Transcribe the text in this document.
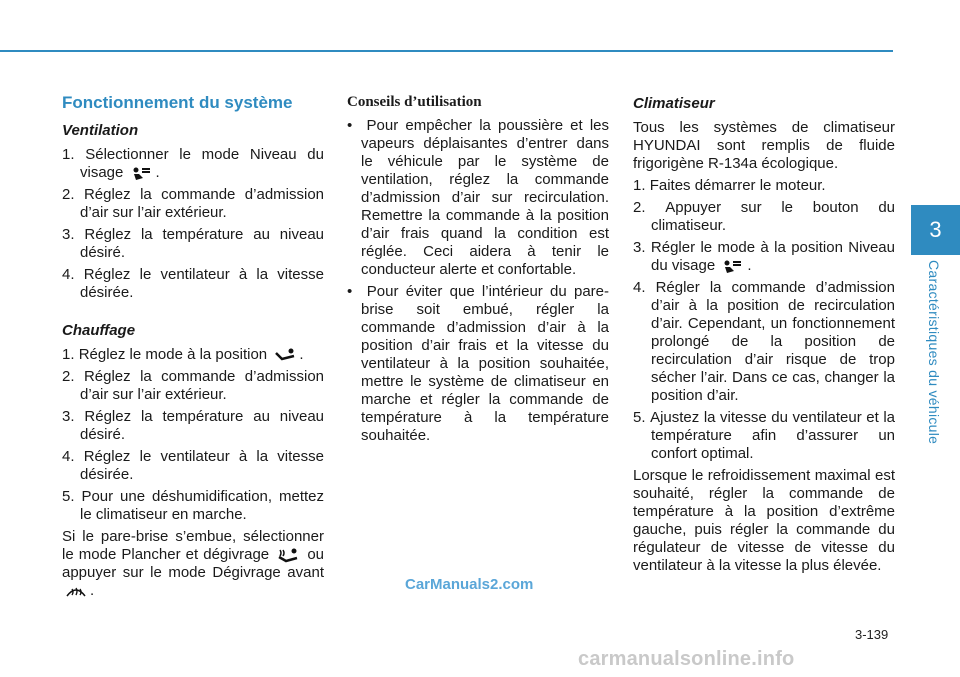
3
Caractéristiques du véhicule
Fonctionnement du système
Ventilation
1. Sélectionner le mode Niveau du visage .
2. Réglez la commande d’admission d’air sur l’air extérieur.
3. Réglez la température au niveau désiré.
4. Réglez le ventilateur à la vitesse désirée.
Chauffage
1. Réglez le mode à la position .
2. Réglez la commande d’admission d’air sur l’air extérieur.
3. Réglez la température au niveau désiré.
4. Réglez le ventilateur à la vitesse désirée.
5. Pour une déshumidification, mettez le climatiseur en marche.

Si le pare-brise s’embue, sélectionner le mode Plancher et dégivrage	ou appuyer sur le mode Dégivrage avant .

Conseils d’utilisation
•  Pour empêcher la poussière et les vapeurs déplaisantes d’entrer dans le véhicule par le système de ventilation, réglez la commande d’admission d’air sur recirculation. Remettre la commande à la position d’air frais quand la condition est réglée. Ceci aidera à tenir le conducteur alerte et confortable.
•  Pour éviter que l’intérieur du pare-brise soit embué, régler la commande d’admission d’air à la position d’air frais et la vitesse du ventilateur à la position souhaitée, mettre le système de climatiseur en marche et régler la commande de température à la température souhaitée.
Climatiseur

Tous les systèmes de climatiseur HYUNDAI sont remplis de fluide frigorigène R-134a écologique.

1. Faites démarrer le moteur.
2. Appuyer sur le bouton du climatiseur.
3. Régler le mode à la position Niveau du visage .
4. Régler la commande d’admission d’air à la position de recirculation d’air. Cependant, un fonctionnement prolongé de la position de recirculation d’air risque de trop sécher l’air. Dans ce cas, changer la position d’air.
5. Ajustez la vitesse du ventilateur et la température afin d’assurer un confort optimal.

Lorsque le refroidissement maximal est souhaité, régler la commande de température à la position d’extrême gauche, puis régler la commande du régulateur de vitesse de vitesse du ventilateur à la vitesse la plus élevée.

CarManuals2.com
3-139
carmanualsonline.info
